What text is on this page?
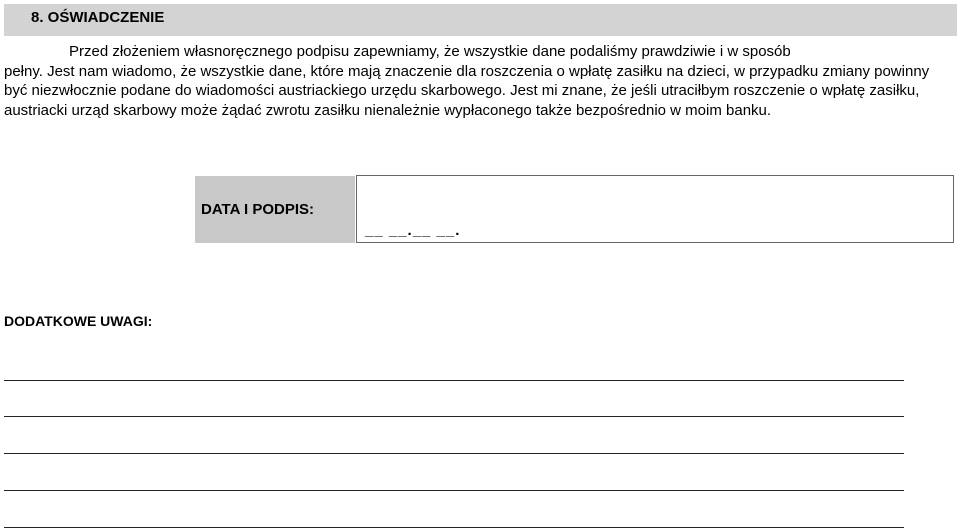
8. OŚWIADCZENIE
Przed złożeniem własnoręcznego podpisu zapewniamy, że wszystkie dane podaliśmy prawdziwie i w sposób
pełny. Jest nam wiadomo, że wszystkie dane, które mają znaczenie dla roszczenia o wpłatę zasiłku na dzieci, w przypadku zmiany powinny być niezwłocznie podane do wiadomości austriackiego urzędu skarbowego. Jest mi znane, że jeśli utraciłbym roszczenie o wpłatę zasiłku, austriacki urząd skarbowy może żądać zwrotu zasiłku nienależnie wypłaconego także bezpośrednio w moim banku.
DATA I PODPIS:
__ __.__ __.
DODATKOWE UWAGI:
